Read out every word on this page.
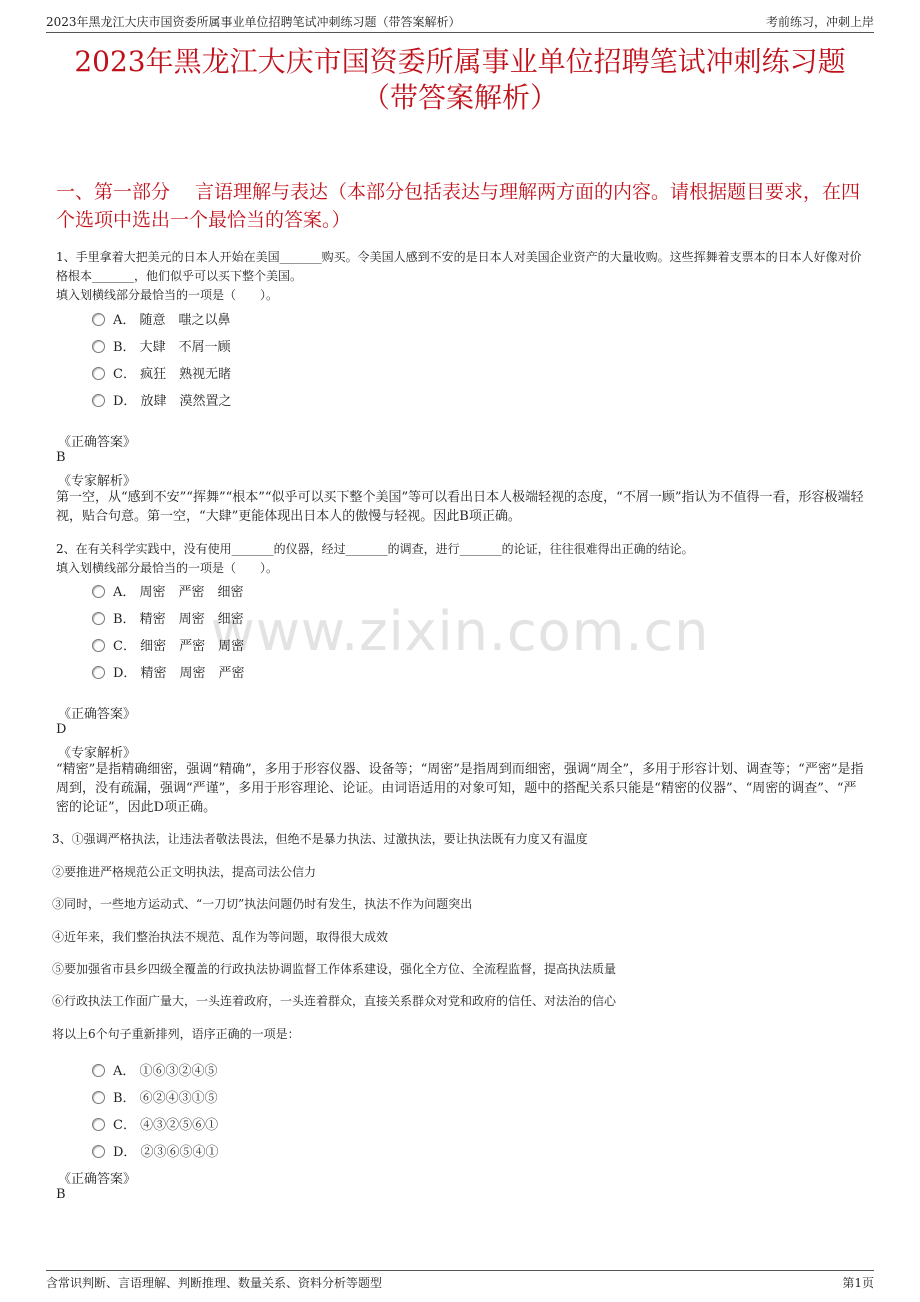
2023年黑龙江大庆市国资委所属事业单位招聘笔试冲刺练习题（带答案解析）	考前练习，冲刺上岸
2023年黑龙江大庆市国资委所属事业单位招聘笔试冲刺练习题
（带答案解析）
一、第一部分　 言语理解与表达（本部分包括表达与理解两方面的内容。请根据题目要求，在四个选项中选出一个最恰当的答案。）
www.zixin.com.cn

1、手里拿着大把美元的日本人开始在美国_______购买。令美国人感到不安的是日本人对美国企业资产的大量收购。这些挥舞着支票本的日本人好像对价格根本_______，他们似乎可以买下整个美国。

填入划横线部分最恰当的一项是（　　）。

A． 随意　嗤之以鼻
B． 大肆　不屑一顾
C． 疯狂　熟视无睹
D． 放肆　漠然置之
《正确答案》
B
《专家解析》
第一空，从“感到不安”“挥舞”“根本”“似乎可以买下整个美国”等可以看出日本人极端轻视的态度，“不屑一顾”指认为不值得一看，形容极端轻视，贴合句意。第一空，“大肆”更能体现出日本人的傲慢与轻视。因此B项正确。

2、在有关科学实践中，没有使用_______的仪器，经过_______的调查，进行_______的论证，往往很难得出正确的结论。

填入划横线部分最恰当的一项是（　　）。

A． 周密　严密　细密
B． 精密　周密　细密
C． 细密　严密　周密
D． 精密　周密　严密
《正确答案》
D
《专家解析》
“精密”是指精确细密，强调“精确”，多用于形容仪器、设备等；“周密”是指周到而细密，强调“周全”，多用于形容计划、调查等；“严密”是指周到，没有疏漏，强调“严谨”，多用于形容理论、论证。由词语适用的对象可知，题中的搭配关系只能是“精密的仪器”、“周密的调查”、“严密的论证”，因此D项正确。
3、①强调严格执法，让违法者敬法畏法，但绝不是暴力执法、过激执法，要让执法既有力度又有温度
②要推进严格规范公正文明执法，提高司法公信力
③同时，一些地方运动式、“一刀切”执法问题仍时有发生，执法不作为问题突出
④近年来，我们整治执法不规范、乱作为等问题，取得很大成效
⑤要加强省市县乡四级全覆盖的行政执法协调监督工作体系建设，强化全方位、全流程监督，提高执法质量
⑥行政执法工作面广量大，一头连着政府，一头连着群众，直接关系群众对党和政府的信任、对法治的信心
将以上6个句子重新排列，语序正确的一项是：
A． ①⑥③②④⑤
B． ⑥②④③①⑤
C． ④③②⑤⑥①
D． ②③⑥⑤④①
《正确答案》
B
含常识判断、言语理解、判断推理、数量关系、资料分析等题型	第1页
